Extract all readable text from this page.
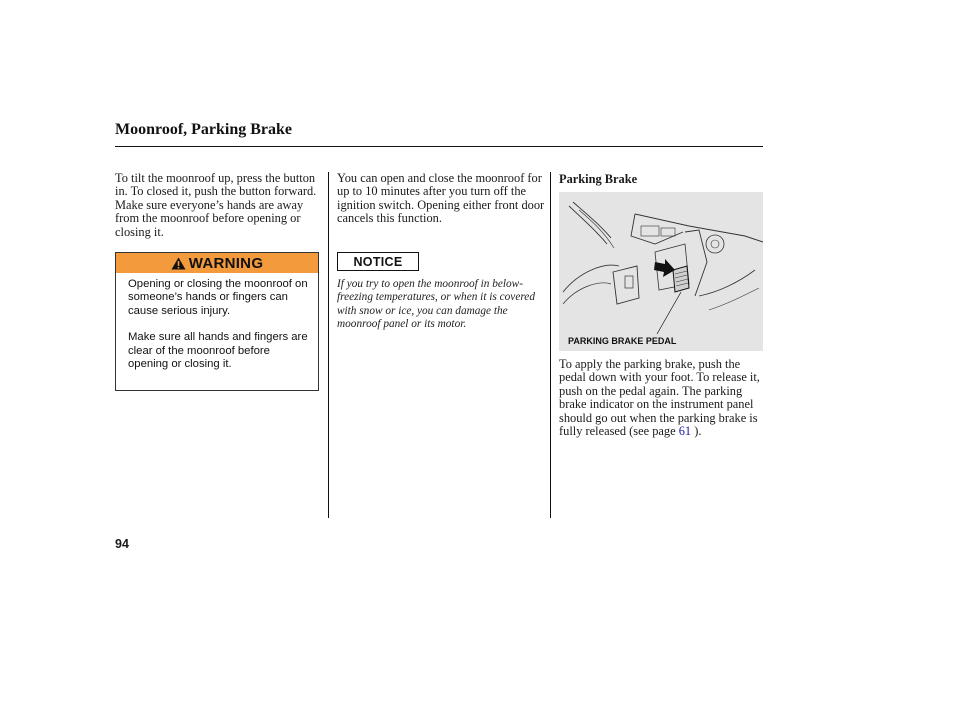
Moonroof, Parking Brake
To tilt the moonroof up, press the button in. To closed it, push the button forward. Make sure everyone’s hands are away from the moonroof before opening or closing it.
WARNING

Opening or closing the moonroof on someone’s hands or fingers can cause serious injury.

Make sure all hands and fingers are clear of the moonroof before opening or closing it.

You can open and close the moonroof for up to 10 minutes after you turn off the ignition switch. Opening either front door cancels this function.
NOTICE
If you try to open the moonroof in below-freezing temperatures, or when it is covered with snow or ice, you can damage the moonroof panel or its motor.
Parking Brake
PARKING BRAKE PEDAL
To apply the parking brake, push the pedal down with your foot. To release it, push on the pedal again. The parking brake indicator on the instrument panel should go out when the parking brake is fully released (see page 61 ).
94
